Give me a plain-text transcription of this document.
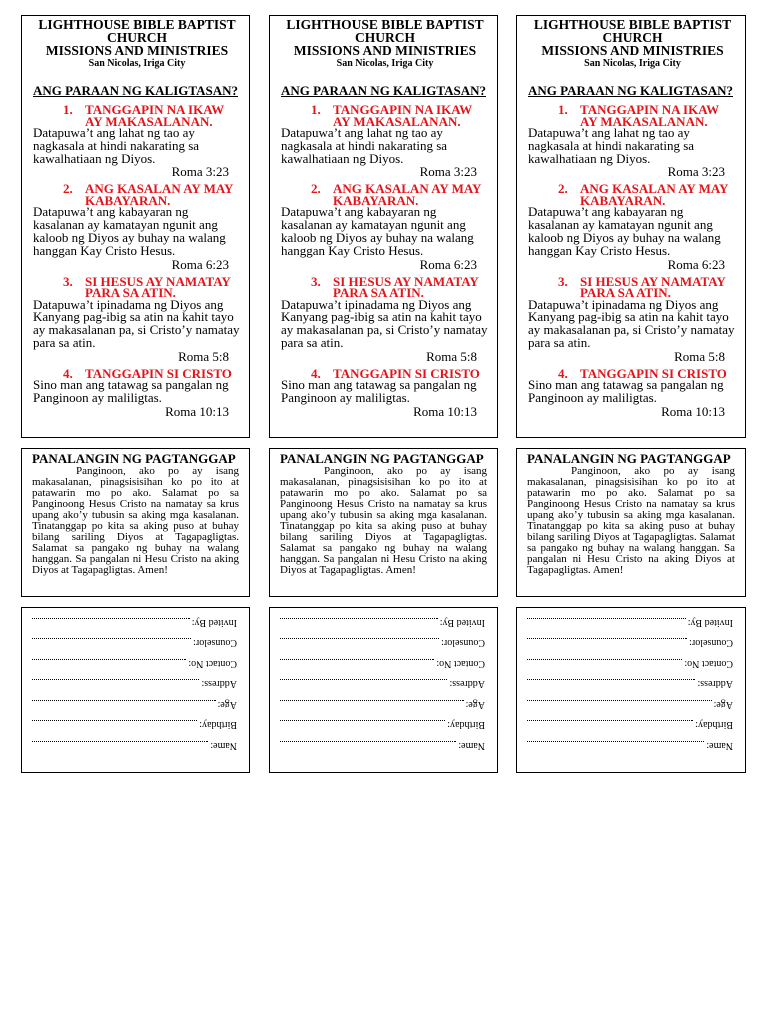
LIGHTHOUSE BIBLE BAPTIST
CHURCH
MISSIONS AND MINISTRIES
San Nicolas, Iriga City
ANG PARAAN NG KALIGTASAN?
1. TANGGAPIN NA IKAW AY MAKASALANAN.
Datapuwa’t ang lahat ng tao ay nagkasala at hindi nakarating sa kawalhatiaan ng Diyos.
Roma 3:23
2. ANG KASALAN AY MAY KABAYARAN.
Datapuwa’t ang kabayaran ng kasalanan ay kamatayan ngunit ang kaloob ng Diyos ay buhay na walang hanggan Kay Cristo Hesus.
Roma 6:23
3. SI HESUS AY NAMATAY PARA SA ATIN.
Datapuwa’t ipinadama ng Diyos ang Kanyang pag-ibig sa atin na kahit tayo ay makasalanan pa, si Cristo’y namatay para sa atin.
Roma 5:8
4. TANGGAPIN SI CRISTO
Sino man ang tatawag sa pangalan ng Panginoon ay maliligtas.
Roma 10:13
PANALANGIN NG PAGTANGGAP
Panginoon, ako po ay isang makasalanan, pinagsisisihan ko po ito at patawarin mo po ako. Salamat po sa Panginoong Hesus Cristo na namatay sa krus upang ako’y tubusin sa aking mga kasalanan. Tinatanggap po kita sa aking puso at buhay bilang sariling Diyos at Tagapagligtas. Salamat sa pangako ng buhay na walang hanggan. Sa pangalan ni Hesu Cristo na aking Diyos at Tagapagligtas. Amen!
Name:
Birthday:
Age:
Address:
Contact No:
Counselor:
Invited By:
LIGHTHOUSE BIBLE BAPTIST
CHURCH
MISSIONS AND MINISTRIES
San Nicolas, Iriga City
ANG PARAAN NG KALIGTASAN?
1. TANGGAPIN NA IKAW AY MAKASALANAN.
Datapuwa’t ang lahat ng tao ay nagkasala at hindi nakarating sa kawalhatiaan ng Diyos.
Roma 3:23
2. ANG KASALAN AY MAY KABAYARAN.
Datapuwa’t ang kabayaran ng kasalanan ay kamatayan ngunit ang kaloob ng Diyos ay buhay na walang hanggan Kay Cristo Hesus.
Roma 6:23
3. SI HESUS AY NAMATAY PARA SA ATIN.
Datapuwa’t ipinadama ng Diyos ang Kanyang pag-ibig sa atin na kahit tayo ay makasalanan pa, si Cristo’y namatay para sa atin.
Roma 5:8
4. TANGGAPIN SI CRISTO
Sino man ang tatawag sa pangalan ng Panginoon ay maliligtas.
Roma 10:13
PANALANGIN NG PAGTANGGAP
Panginoon, ako po ay isang makasalanan, pinagsisisihan ko po ito at patawarin mo po ako. Salamat po sa Panginoong Hesus Cristo na namatay sa krus upang ako’y tubusin sa aking mga kasalanan. Tinatanggap po kita sa aking puso at buhay bilang sariling Diyos at Tagapagligtas. Salamat sa pangako ng buhay na walang hanggan. Sa pangalan ni Hesu Cristo na aking Diyos at Tagapagligtas. Amen!
Name:
Birthday:
Age:
Address:
Contact No:
Counselor:
Invited By:
LIGHTHOUSE BIBLE BAPTIST
CHURCH
MISSIONS AND MINISTRIES
San Nicolas, Iriga City
ANG PARAAN NG KALIGTASAN?
1. TANGGAPIN NA IKAW AY MAKASALANAN.
Datapuwa’t ang lahat ng tao ay nagkasala at hindi nakarating sa kawalhatiaan ng Diyos.
Roma 3:23
2. ANG KASALAN AY MAY KABAYARAN.
Datapuwa’t ang kabayaran ng kasalanan ay kamatayan ngunit ang kaloob ng Diyos ay buhay na walang hanggan Kay Cristo Hesus.
Roma 6:23
3. SI HESUS AY NAMATAY PARA SA ATIN.
Datapuwa’t ipinadama ng Diyos ang Kanyang pag-ibig sa atin na kahit tayo ay makasalanan pa, si Cristo’y namatay para sa atin.
Roma 5:8
4. TANGGAPIN SI CRISTO
Sino man ang tatawag sa pangalan ng Panginoon ay maliligtas.
Roma 10:13
PANALANGIN NG PAGTANGGAP
Panginoon, ako po ay isang makasalanan, pinagsisisihan ko po ito at patawarin mo po ako. Salamat po sa Panginoong Hesus Cristo na namatay sa krus upang ako’y tubusin sa aking mga kasalanan. Tinatanggap po kita sa aking puso at buhay bilang sariling Diyos at Tagapagligtas. Salamat sa pangako ng buhay na walang hanggan. Sa pangalan ni Hesu Cristo na aking Diyos at Tagapagligtas. Amen!
Name:
Birthday:
Age:
Address:
Contact No:
Counselor:
Invited By:
